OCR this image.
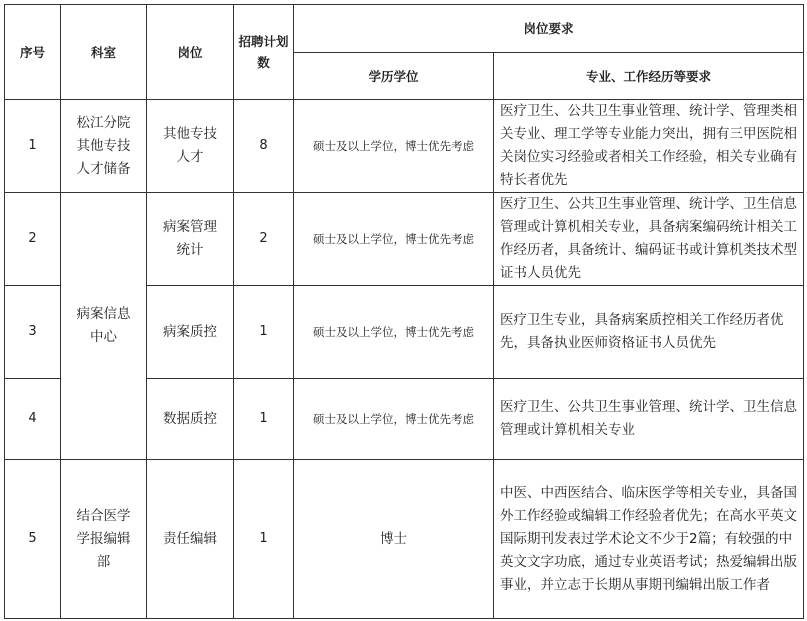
序号	科室	岗位	招聘计划数	岗位要求	
				学历学位	专业、工作经历等要求
1	松江分院其他专技人才储备	其他专技人才	8	硕士及以上学位，博士优先考虑	医疗卫生、公共卫生事业管理、统计学、管理类相关专业、理工学等专业能力突出，拥有三甲医院相关岗位实习经验或者相关工作经验，相关专业确有特长者优先
2	病案信息中心	病案管理统计	2	硕士及以上学位，博士优先考虑	医疗卫生、公共卫生事业管理、统计学、卫生信息管理或计算机相关专业，具备病案编码统计相关工作经历者，具备统计、编码证书或计算机类技术型证书人员优先
3		病案质控	1	硕士及以上学位，博士优先考虑	医疗卫生专业，具备病案质控相关工作经历者优先，具备执业医师资格证书人员优先
4		数据质控	1	硕士及以上学位，博士优先考虑	医疗卫生、公共卫生事业管理、统计学、卫生信息管理或计算机相关专业
5	结合医学学报编辑部	责任编辑	1	博士	中医、中西医结合、临床医学等相关专业，具备国外工作经验或编辑工作经验者优先；在高水平英文国际期刊发表过学术论文不少于2篇；有较强的中英文文字功底，通过专业英语考试；热爱编辑出版事业，并立志于长期从事期刊编辑出版工作者
